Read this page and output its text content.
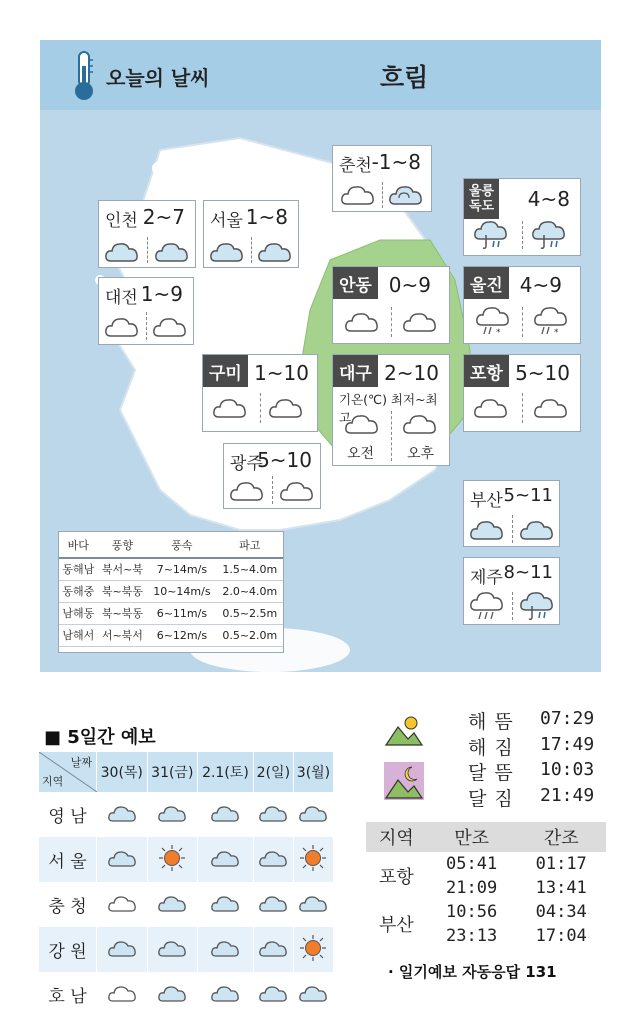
오늘의 날씨	흐림
춘천 -1~8
인천 2~7 서울 1~8
울릉
독도 4~8
대전 1~9	안동 0~9	울진 4~9
*	*
구미 1~10	대구 2~10
기온(℃) 최저~최고
오전 오후
포항 5~10
광주
5~10
부산 5~11
제주 8~11
바다	풍향	풍속	파고
동해남	북서~북	7~14m/s	1.5~4.0m
동해중	북~북동	10~14m/s	2.0~4.0m
남해동	북~북동	6~11m/s	0.5~2.5m
남해서	서~북서	6~12m/s	0.5~2.0m
■ 5일간 예보
날짜
지역	30(목)	31(금)	2.1(토)	2(일)	3(월)
영 남					
서 울					
충 청					
강 원					
호 남					
해 뜸 07:29
해 짐 17:49
달 뜸 10:03
달 짐 21:49
지역	만조	간조
포항	05:41	01:17
	21:09	13:41
부산	10:56	04:34
	23:13	17:04
· 일기예보 자동응답 131
